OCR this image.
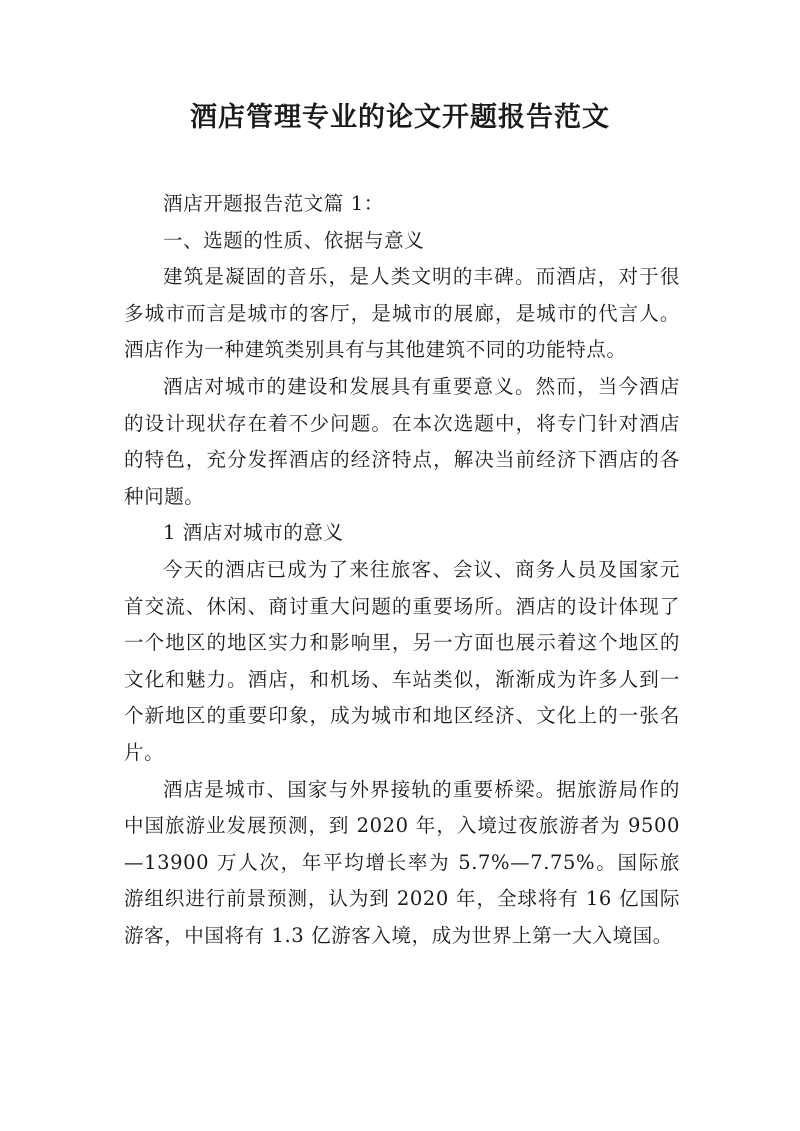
酒店管理专业的论文开题报告范文

酒店开题报告范文篇 1：

一、选题的性质、依据与意义

建筑是凝固的音乐，是人类文明的丰碑。而酒店，对于很多城市而言是城市的客厅，是城市的展廊，是城市的代言人。酒店作为一种建筑类别具有与其他建筑不同的功能特点。

酒店对城市的建设和发展具有重要意义。然而，当今酒店的设计现状存在着不少问题。在本次选题中，将专门针对酒店的特色，充分发挥酒店的经济特点，解决当前经济下酒店的各种问题。

1 酒店对城市的意义

今天的酒店已成为了来往旅客、会议、商务人员及国家元首交流、休闲、商讨重大问题的重要场所。酒店的设计体现了一个地区的地区实力和影响里，另一方面也展示着这个地区的文化和魅力。酒店，和机场、车站类似，渐渐成为许多人到一个新地区的重要印象，成为城市和地区经济、文化上的一张名片。

酒店是城市、国家与外界接轨的重要桥梁。据旅游局作的中国旅游业发展预测，到 2020 年，入境过夜旅游者为 9500—13900 万人次，年平均增长率为 5.7%—7.75%。国际旅游组织进行前景预测，认为到 2020 年，全球将有 16 亿国际游客，中国将有 1.3 亿游客入境，成为世界上第一大入境国。
